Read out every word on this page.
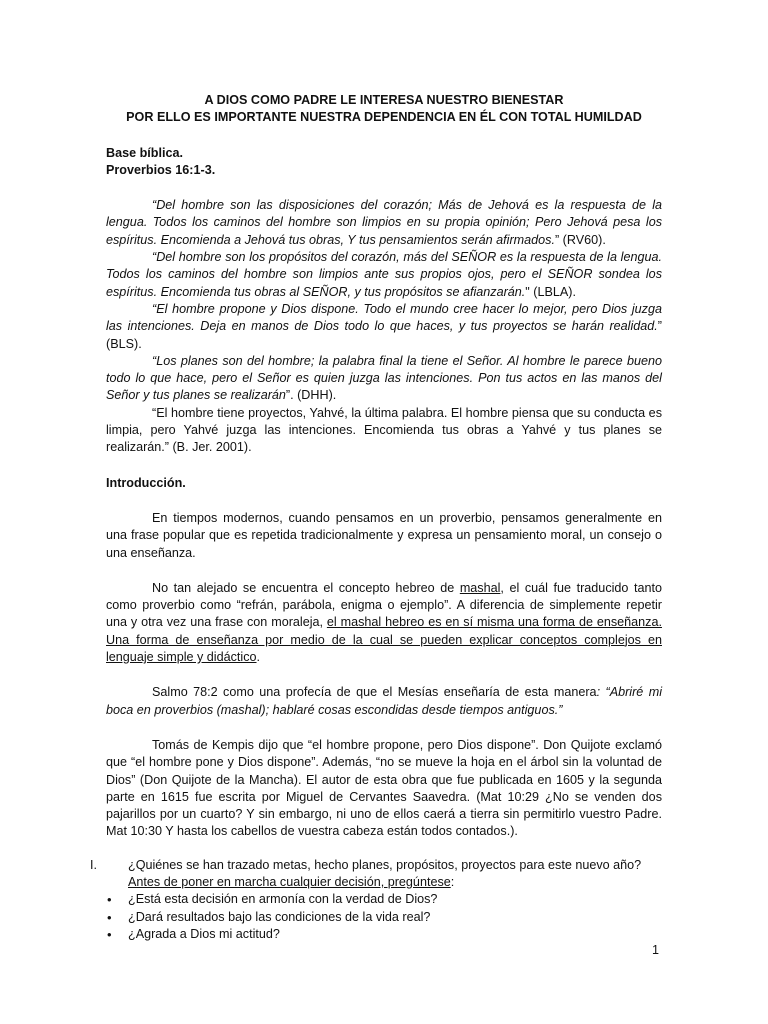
A DIOS COMO PADRE LE INTERESA NUESTRO BIENESTAR

POR ELLO ES IMPORTANTE NUESTRA DEPENDENCIA EN ÉL CON TOTAL HUMILDAD

Base bíblica.

Proverbios 16:1-3.

“Del hombre son las disposiciones del corazón; Más de Jehová es la respuesta de la lengua. Todos los caminos del hombre son limpios en su propia opinión; Pero Jehová pesa los espíritus. Encomienda a Jehová tus obras, Y tus pensamientos serán afirmados.” (RV60).

“Del hombre son los propósitos del corazón, más del SEÑOR es la respuesta de la lengua. Todos los caminos del hombre son limpios ante sus propios ojos, pero el SEÑOR sondea los espíritus. Encomienda tus obras al SEÑOR, y tus propósitos se afianzarán." (LBLA).

“El hombre propone y Dios dispone. Todo el mundo cree hacer lo mejor, pero Dios juzga las intenciones. Deja en manos de Dios todo lo que haces, y tus proyectos se harán realidad.” (BLS).

“Los planes son del hombre; la palabra final la tiene el Señor. Al hombre le parece bueno todo lo que hace, pero el Señor es quien juzga las intenciones. Pon tus actos en las manos del Señor y tus planes se realizarán”. (DHH).

“El hombre tiene proyectos, Yahvé, la última palabra. El hombre piensa que su conducta es limpia, pero Yahvé juzga las intenciones. Encomienda tus obras a Yahvé y tus planes se realizarán.” (B. Jer. 2001).

Introducción.

En tiempos modernos, cuando pensamos en un proverbio, pensamos generalmente en una frase popular que es repetida tradicionalmente y expresa un pensamiento moral, un consejo o una enseñanza.

No tan alejado se encuentra el concepto hebreo de mashal, el cuál fue traducido tanto como proverbio como “refrán, parábola, enigma o ejemplo”. A diferencia de simplemente repetir una y otra vez una frase con moraleja, el mashal hebreo es en sí misma una forma de enseñanza. Una forma de enseñanza por medio de la cual se pueden explicar conceptos complejos en lenguaje simple y didáctico.

Salmo 78:2 como una profecía de que el Mesías enseñaría de esta manera: “Abriré mi boca en proverbios (mashal); hablaré cosas escondidas desde tiempos antiguos.”

Tomás de Kempis dijo que “el hombre propone, pero Dios dispone”. Don Quijote exclamó que “el hombre pone y Dios dispone”. Además, “no se mueve la hoja en el árbol sin la voluntad de Dios” (Don Quijote de la Mancha). El autor de esta obra que fue publicada en 1605 y la segunda parte en 1615 fue escrita por Miguel de Cervantes Saavedra. (Mat 10:29 ¿No se venden dos pajarillos por un cuarto? Y sin embargo, ni uno de ellos caerá a tierra sin permitirlo vuestro Padre. Mat 10:30 Y hasta los cabellos de vuestra cabeza están todos contados.).

I. ¿Quiénes se han trazado metas, hecho planes, propósitos, proyectos para este nuevo año?

Antes de poner en marcha cualquier decisión, pregúntese:

• ¿Está esta decisión en armonía con la verdad de Dios?
• ¿Dará resultados bajo las condiciones de la vida real?
• ¿Agrada a Dios mi actitud?
1
